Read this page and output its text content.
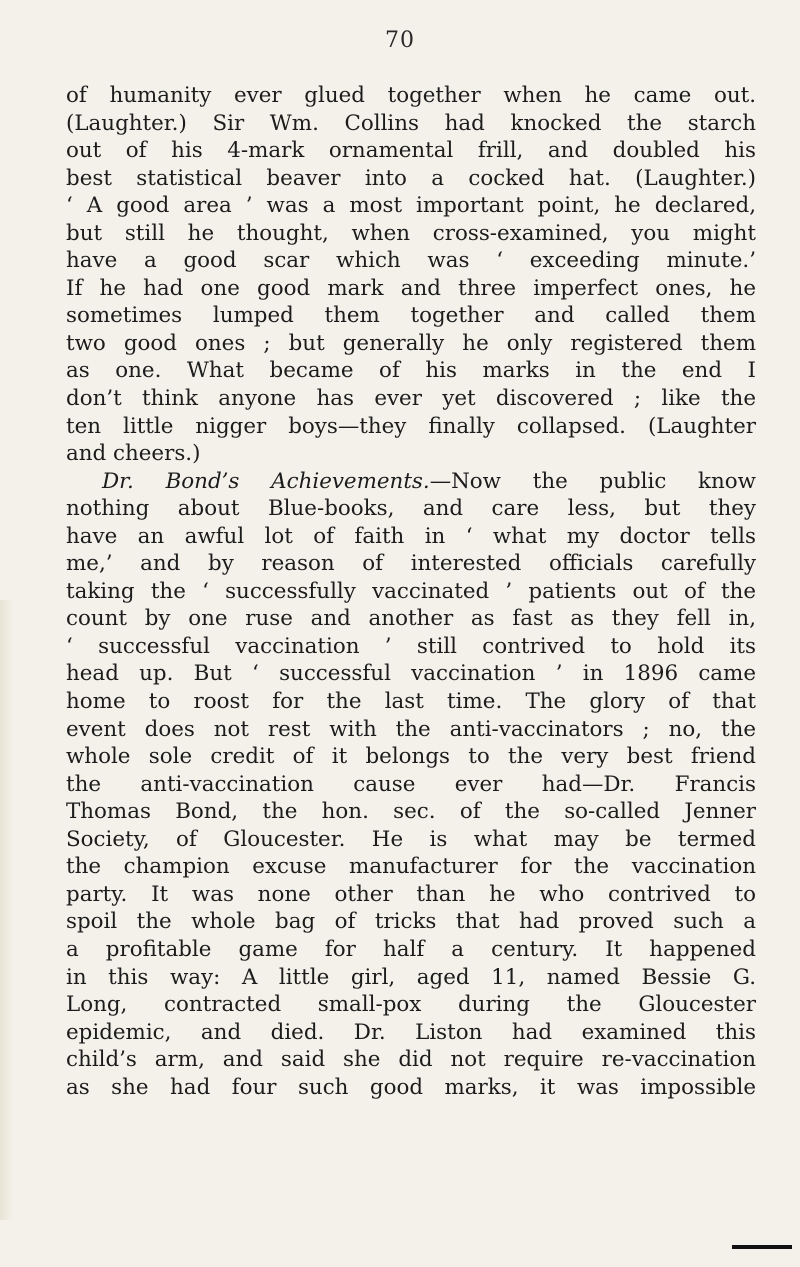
70
of humanity ever glued together when he came out.
(Laughter.) Sir Wm. Collins had knocked the starch
out of his 4-mark ornamental frill, and doubled his
best statistical beaver into a cocked hat. (Laughter.)
‘ A good area ’ was a most important point, he declared,
but still he thought, when cross-examined, you might
have a good scar which was ‘ exceeding minute.’
If he had one good mark and three imperfect ones, he
sometimes lumped them together and called them
two good ones ; but generally he only registered them
as one. What became of his marks in the end I
don’t think anyone has ever yet discovered ; like the
ten little nigger boys—they finally collapsed. (Laughter
and cheers.)
Dr. Bond’s Achievements.—Now the public know
nothing about Blue-books, and care less, but they
have an awful lot of faith in ‘ what my doctor tells
me,’ and by reason of interested officials carefully
taking the ‘ successfully vaccinated ’ patients out of the
count by one ruse and another as fast as they fell in,
‘ successful vaccination ’ still contrived to hold its
head up. But ‘ successful vaccination ’ in 1896 came
home to roost for the last time. The glory of that
event does not rest with the anti-vaccinators ; no, the
whole sole credit of it belongs to the very best friend
the anti-vaccination cause ever had—Dr. Francis
Thomas Bond, the hon. sec. of the so-called Jenner
Society, of Gloucester. He is what may be termed
the champion excuse manufacturer for the vaccination
party. It was none other than he who contrived to
spoil the whole bag of tricks that had proved such a
a profitable game for half a century. It happened
in this way: A little girl, aged 11, named Bessie G.
Long, contracted small-pox during the Gloucester
epidemic, and died. Dr. Liston had examined this
child’s arm, and said she did not require re-vaccination
as she had four such good marks, it was impossible
